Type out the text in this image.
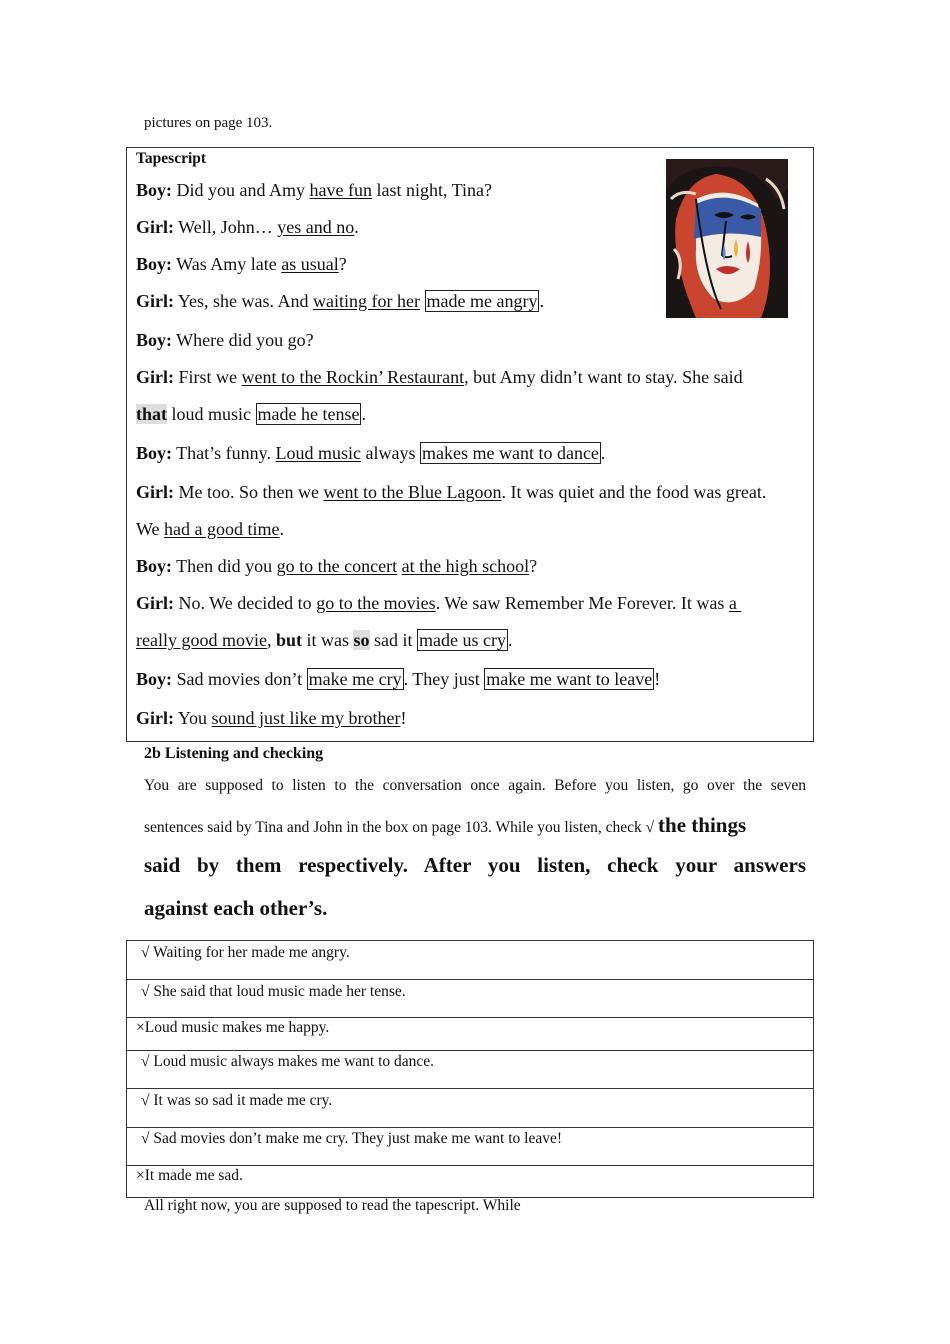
pictures on page 103.
Tapescript
Boy: Did you and Amy have fun last night, Tina?
Girl: Well, John… yes and no.
Boy: Was Amy late as usual?
Girl: Yes, she was. And waiting for her made me angry .
Boy: Where did you go?
Girl: First we went to the Rockin’ Restaurant, but Amy didn’t want to stay. She said
that loud music made he tense .
Boy: That’s funny. Loud music always makes me want to dance .
Girl: Me too. So then we went to the Blue Lagoon. It was quiet and the food was great.
We had a good time.
Boy: Then did you go to the concert at the high school?
Girl: No. We decided to go to the movies. We saw Remember Me Forever. It was a
really good movie, but it was so sad it made us cry .
Boy: Sad movies don’t make me cry . They just make me want to leave !
Girl: You sound just like my brother!
2b Listening and checking
You are supposed to listen to the conversation once again. Before you listen, go over the seven
sentences said by Tina and John in the box on page 103. While you listen, check √ the things
said by them respectively. After you listen, check your answers
against each other’s.
√ Waiting for her made me angry.
√ She said that loud music made her tense.
×Loud music makes me happy.
√ Loud music always makes me want to dance.
√ It was so sad it made me cry.
√ Sad movies don’t make me cry. They just make me want to leave!
×It made me sad.
All right now, you are supposed to read the tapescript. While
